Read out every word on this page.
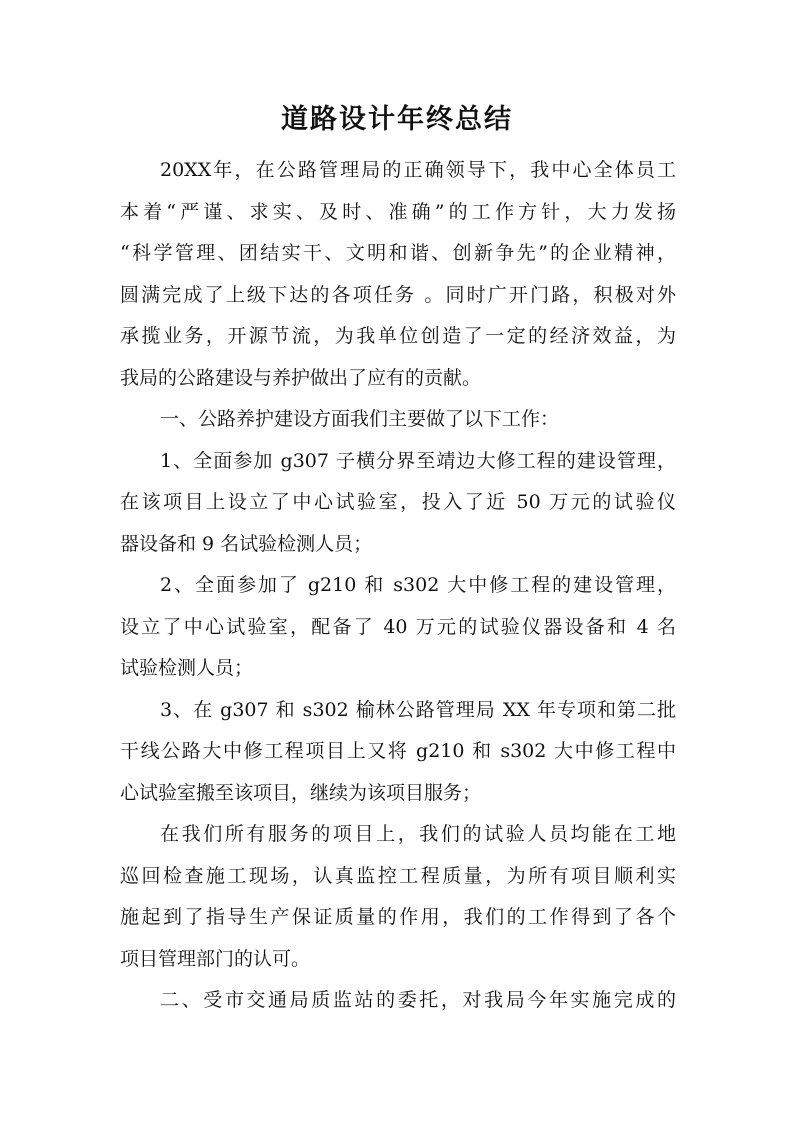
道路设计年终总结
20XX年，在公路管理局的正确领导下，我中心全体员工
本着“严谨、求实、及时、准确”的工作方针，大力发扬
“科学管理、团结实干、文明和谐、创新争先”的企业精神，
圆满完成了上级下达的各项任务 。同时广开门路，积极对外
承揽业务，开源节流，为我单位创造了一定的经济效益，为
我局的公路建设与养护做出了应有的贡献。
一、公路养护建设方面我们主要做了以下工作：
1、全面参加 g307 子横分界至靖边大修工程的建设管理，
在该项目上设立了中心试验室，投入了近 50 万元的试验仪
器设备和 9 名试验检测人员；
2、全面参加了 g210 和 s302 大中修工程的建设管理，
设立了中心试验室，配备了 40 万元的试验仪器设备和 4 名
试验检测人员；
3、在 g307 和 s302 榆林公路管理局 XX 年专项和第二批
干线公路大中修工程项目上又将 g210 和 s302 大中修工程中
心试验室搬至该项目，继续为该项目服务；
在我们所有服务的项目上，我们的试验人员均能在工地
巡回检查施工现场，认真监控工程质量，为所有项目顺利实
施起到了指导生产保证质量的作用，我们的工作得到了各个
项目管理部门的认可。
二、受市交通局质监站的委托，对我局今年实施完成的
